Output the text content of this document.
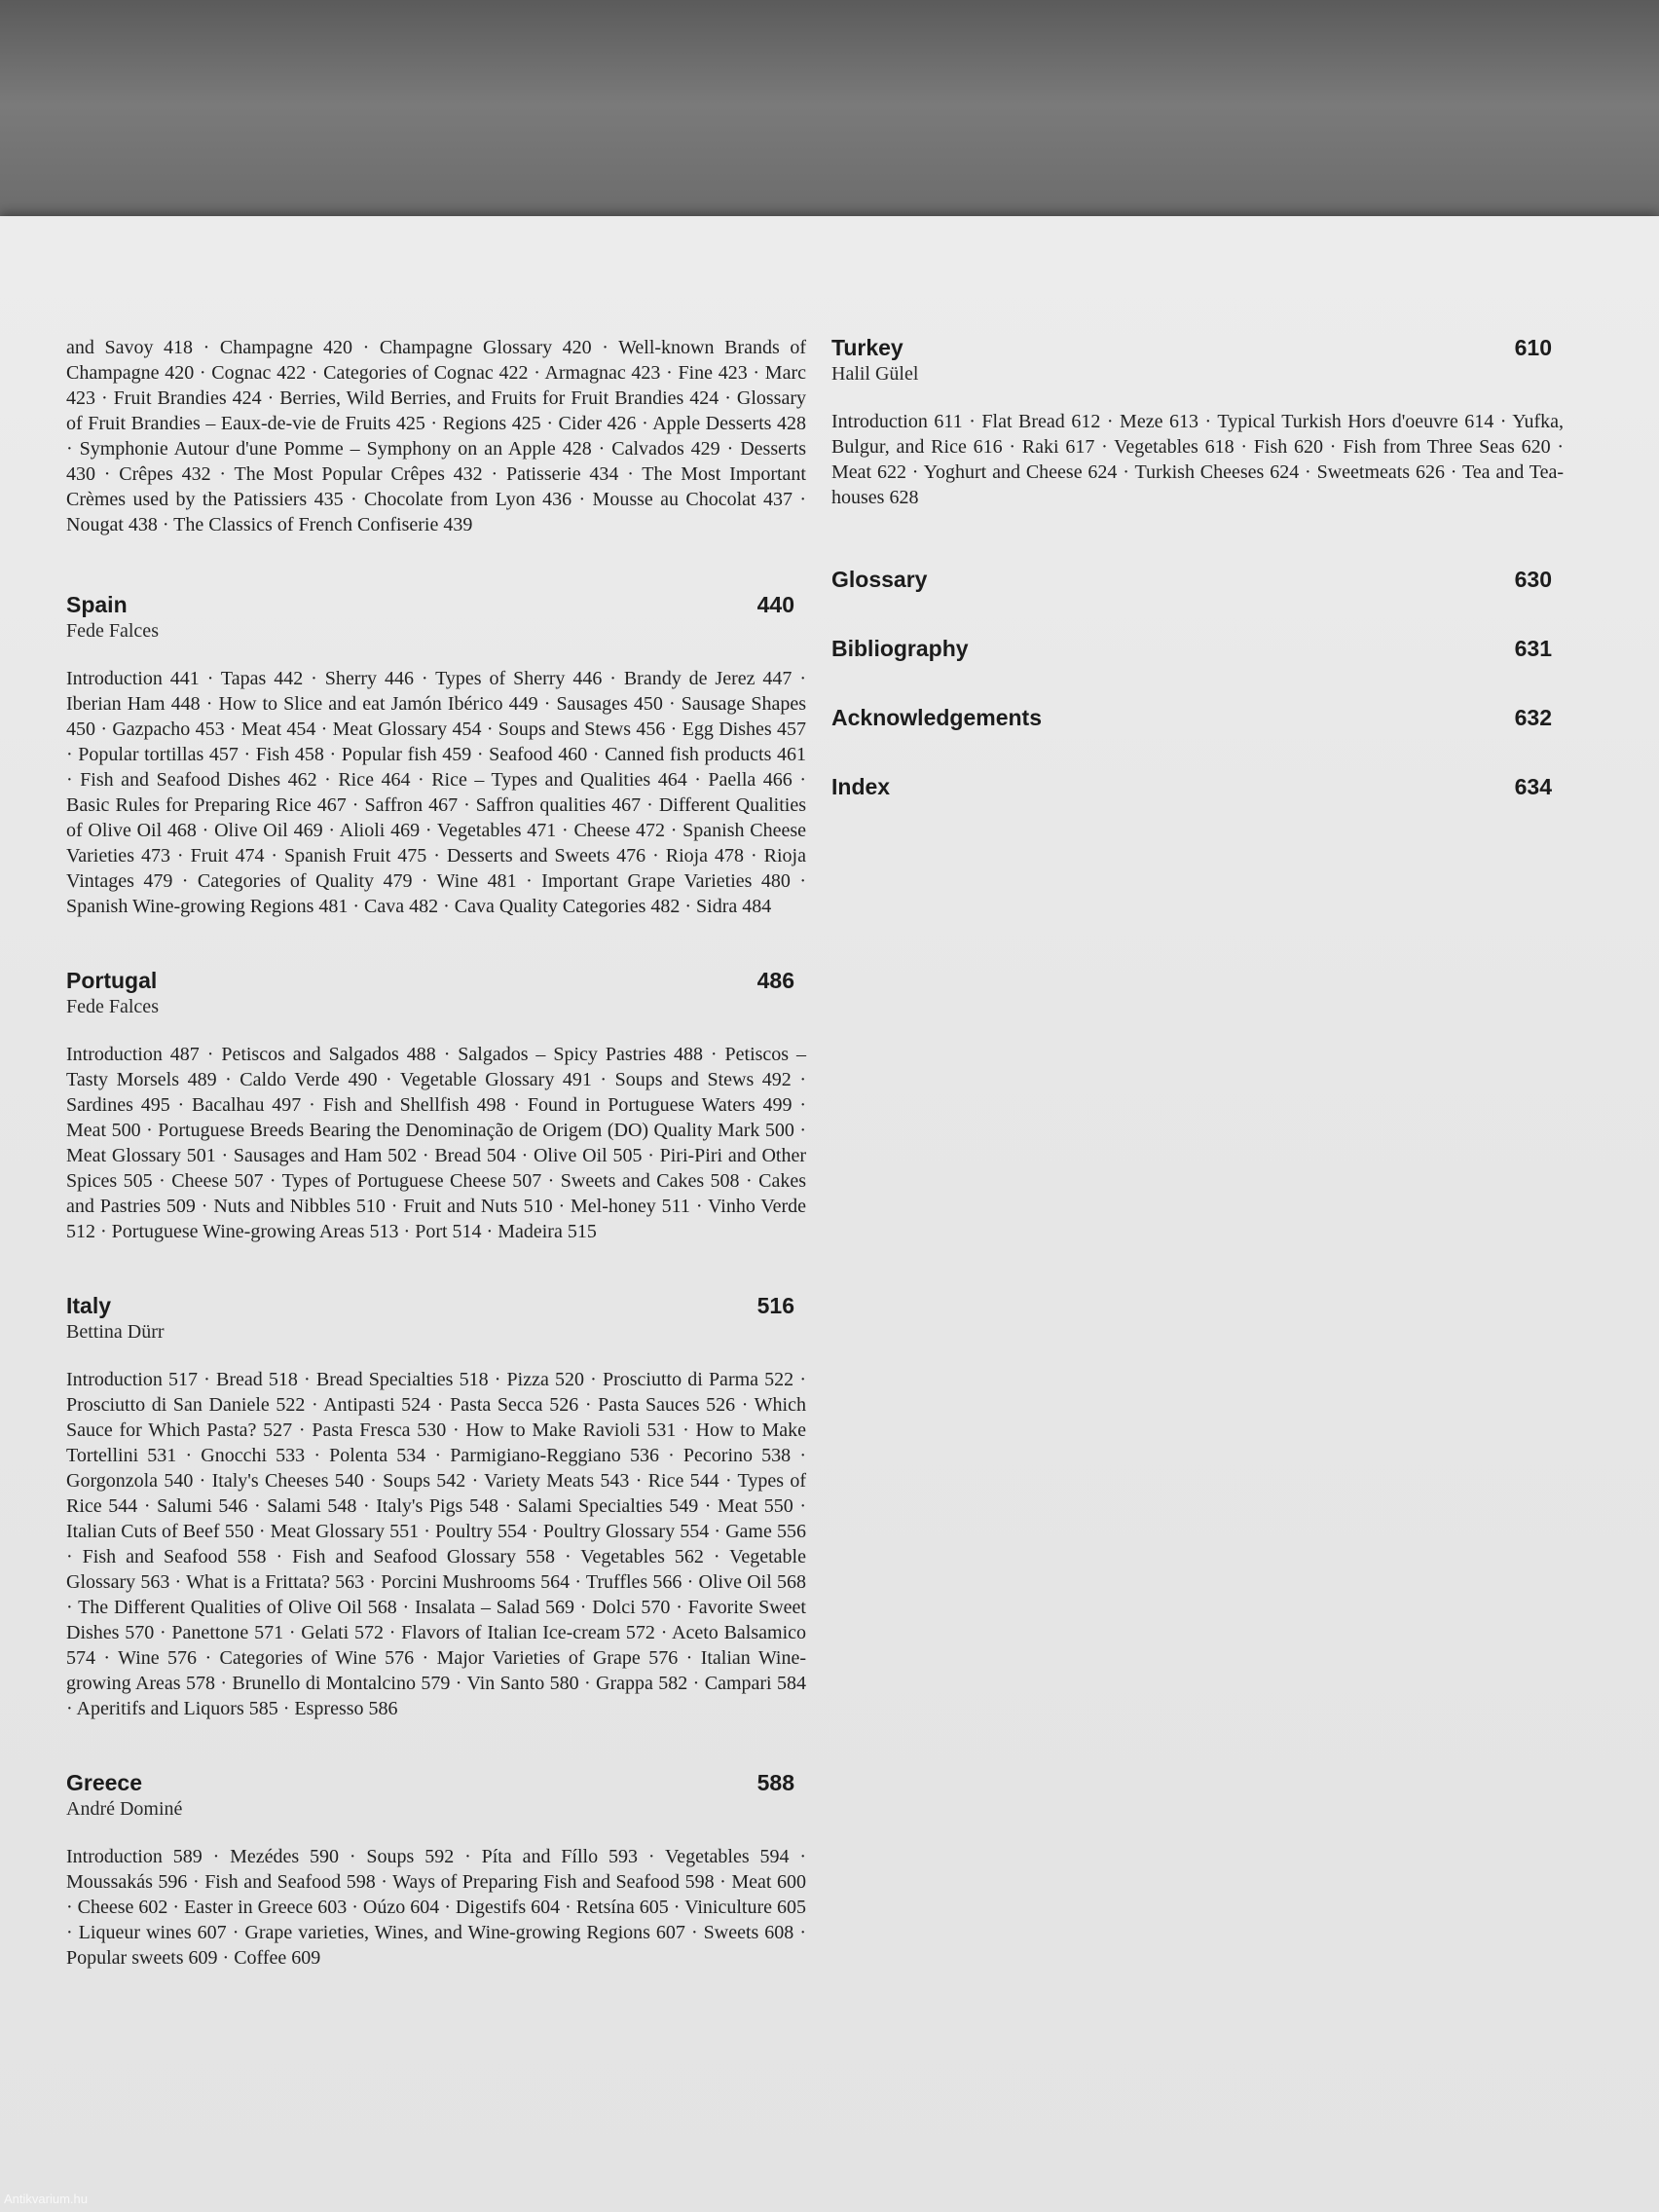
and Savoy 418 · Champagne 420 · Champagne Glossary 420 · Well-known Brands of Champagne 420 · Cognac 422 · Categories of Cognac 422 · Armagnac 423 · Fine 423 · Marc 423 · Fruit Brandies 424 · Berries, Wild Berries, and Fruits for Fruit Brandies 424 · Glossary of Fruit Brandies – Eaux-de-vie de Fruits 425 · Regions 425 · Cider 426 · Apple Desserts 428 · Symphonie Autour d'une Pomme – Symphony on an Apple 428 · Calvados 429 · Desserts 430 · Crêpes 432 · The Most Popular Crêpes 432 · Patisserie 434 · The Most Important Crèmes used by the Patissiers 435 · Chocolate from Lyon 436 · Mousse au Chocolat 437 · Nougat 438 · The Classics of French Confiserie 439
Spain	440
Fede Falces
Introduction 441 · Tapas 442 · Sherry 446 · Types of Sherry 446 · Brandy de Jerez 447 · Iberian Ham 448 · How to Slice and eat Jamón Ibérico 449 · Sausages 450 · Sausage Shapes 450 · Gazpacho 453 · Meat 454 · Meat Glossary 454 · Soups and Stews 456 · Egg Dishes 457 · Popular tortillas 457 · Fish 458 · Popular fish 459 · Seafood 460 · Canned fish products 461 · Fish and Seafood Dishes 462 · Rice 464 · Rice – Types and Qualities 464 · Paella 466 · Basic Rules for Preparing Rice 467 · Saffron 467 · Saffron qualities 467 · Different Qualities of Olive Oil 468 · Olive Oil 469 · Alioli 469 · Vegetables 471 · Cheese 472 · Spanish Cheese Varieties 473 · Fruit 474 · Spanish Fruit 475 · Desserts and Sweets 476 · Rioja 478 · Rioja Vintages 479 · Categories of Quality 479 · Wine 481 · Important Grape Varieties 480 · Spanish Wine-growing Regions 481 · Cava 482 · Cava Quality Categories 482 · Sidra 484
Portugal	486
Fede Falces
Introduction 487 · Petiscos and Salgados 488 · Salgados – Spicy Pastries 488 · Petiscos – Tasty Morsels 489 · Caldo Verde 490 · Vegetable Glossary 491 · Soups and Stews 492 · Sardines 495 · Bacalhau 497 · Fish and Shellfish 498 · Found in Portuguese Waters 499 · Meat 500 · Portuguese Breeds Bearing the Denominação de Origem (DO) Quality Mark 500 · Meat Glossary 501 · Sausages and Ham 502 · Bread 504 · Olive Oil 505 · Piri-Piri and Other Spices 505 · Cheese 507 · Types of Portuguese Cheese 507 · Sweets and Cakes 508 · Cakes and Pastries 509 · Nuts and Nibbles 510 · Fruit and Nuts 510 · Mel-honey 511 · Vinho Verde 512 · Portuguese Wine-growing Areas 513 · Port 514 · Madeira 515
Italy	516
Bettina Dürr
Introduction 517 · Bread 518 · Bread Specialties 518 · Pizza 520 · Prosciutto di Parma 522 · Prosciutto di San Daniele 522 · Antipasti 524 · Pasta Secca 526 · Pasta Sauces 526 · Which Sauce for Which Pasta? 527 · Pasta Fresca 530 · How to Make Ravioli 531 · How to Make Tortellini 531 · Gnocchi 533 · Polenta 534 · Parmigiano-Reggiano 536 · Pecorino 538 · Gorgonzola 540 · Italy's Cheeses 540 · Soups 542 · Variety Meats 543 · Rice 544 · Types of Rice 544 · Salumi 546 · Salami 548 · Italy's Pigs 548 · Salami Specialties 549 · Meat 550 · Italian Cuts of Beef 550 · Meat Glossary 551 · Poultry 554 · Poultry Glossary 554 · Game 556 · Fish and Seafood 558 · Fish and Seafood Glossary 558 · Vegetables 562 · Vegetable Glossary 563 · What is a Frittata? 563 · Porcini Mushrooms 564 · Truffles 566 · Olive Oil 568 · The Different Qualities of Olive Oil 568 · Insalata – Salad 569 · Dolci 570 · Favorite Sweet Dishes 570 · Panettone 571 · Gelati 572 · Flavors of Italian Ice-cream 572 · Aceto Balsamico 574 · Wine 576 · Categories of Wine 576 · Major Varieties of Grape 576 · Italian Wine-growing Areas 578 · Brunello di Montalcino 579 · Vin Santo 580 · Grappa 582 · Campari 584 · Aperitifs and Liquors 585 · Espresso 586
Greece	588
André Dominé
Introduction 589 · Mezédes 590 · Soups 592 · Píta and Fíllo 593 · Vegetables 594 · Moussakás 596 · Fish and Seafood 598 · Ways of Preparing Fish and Seafood 598 · Meat 600 · Cheese 602 · Easter in Greece 603 · Oúzo 604 · Digestifs 604 · Retsína 605 · Viniculture 605 · Liqueur wines 607 · Grape varieties, Wines, and Wine-growing Regions 607 · Sweets 608 · Popular sweets 609 · Coffee 609
Turkey	610
Halil Gülel
Introduction 611 · Flat Bread 612 · Meze 613 · Typical Turkish Hors d'oeuvre 614 · Yufka, Bulgur, and Rice 616 · Raki 617 · Vegetables 618 · Fish 620 · Fish from Three Seas 620 · Meat 622 · Yoghurt and Cheese 624 · Turkish Cheeses 624 · Sweetmeats 626 · Tea and Tea-houses 628
Glossary	630
Bibliography	631
Acknowledgements	632
Index	634
Antikvarium.hu
